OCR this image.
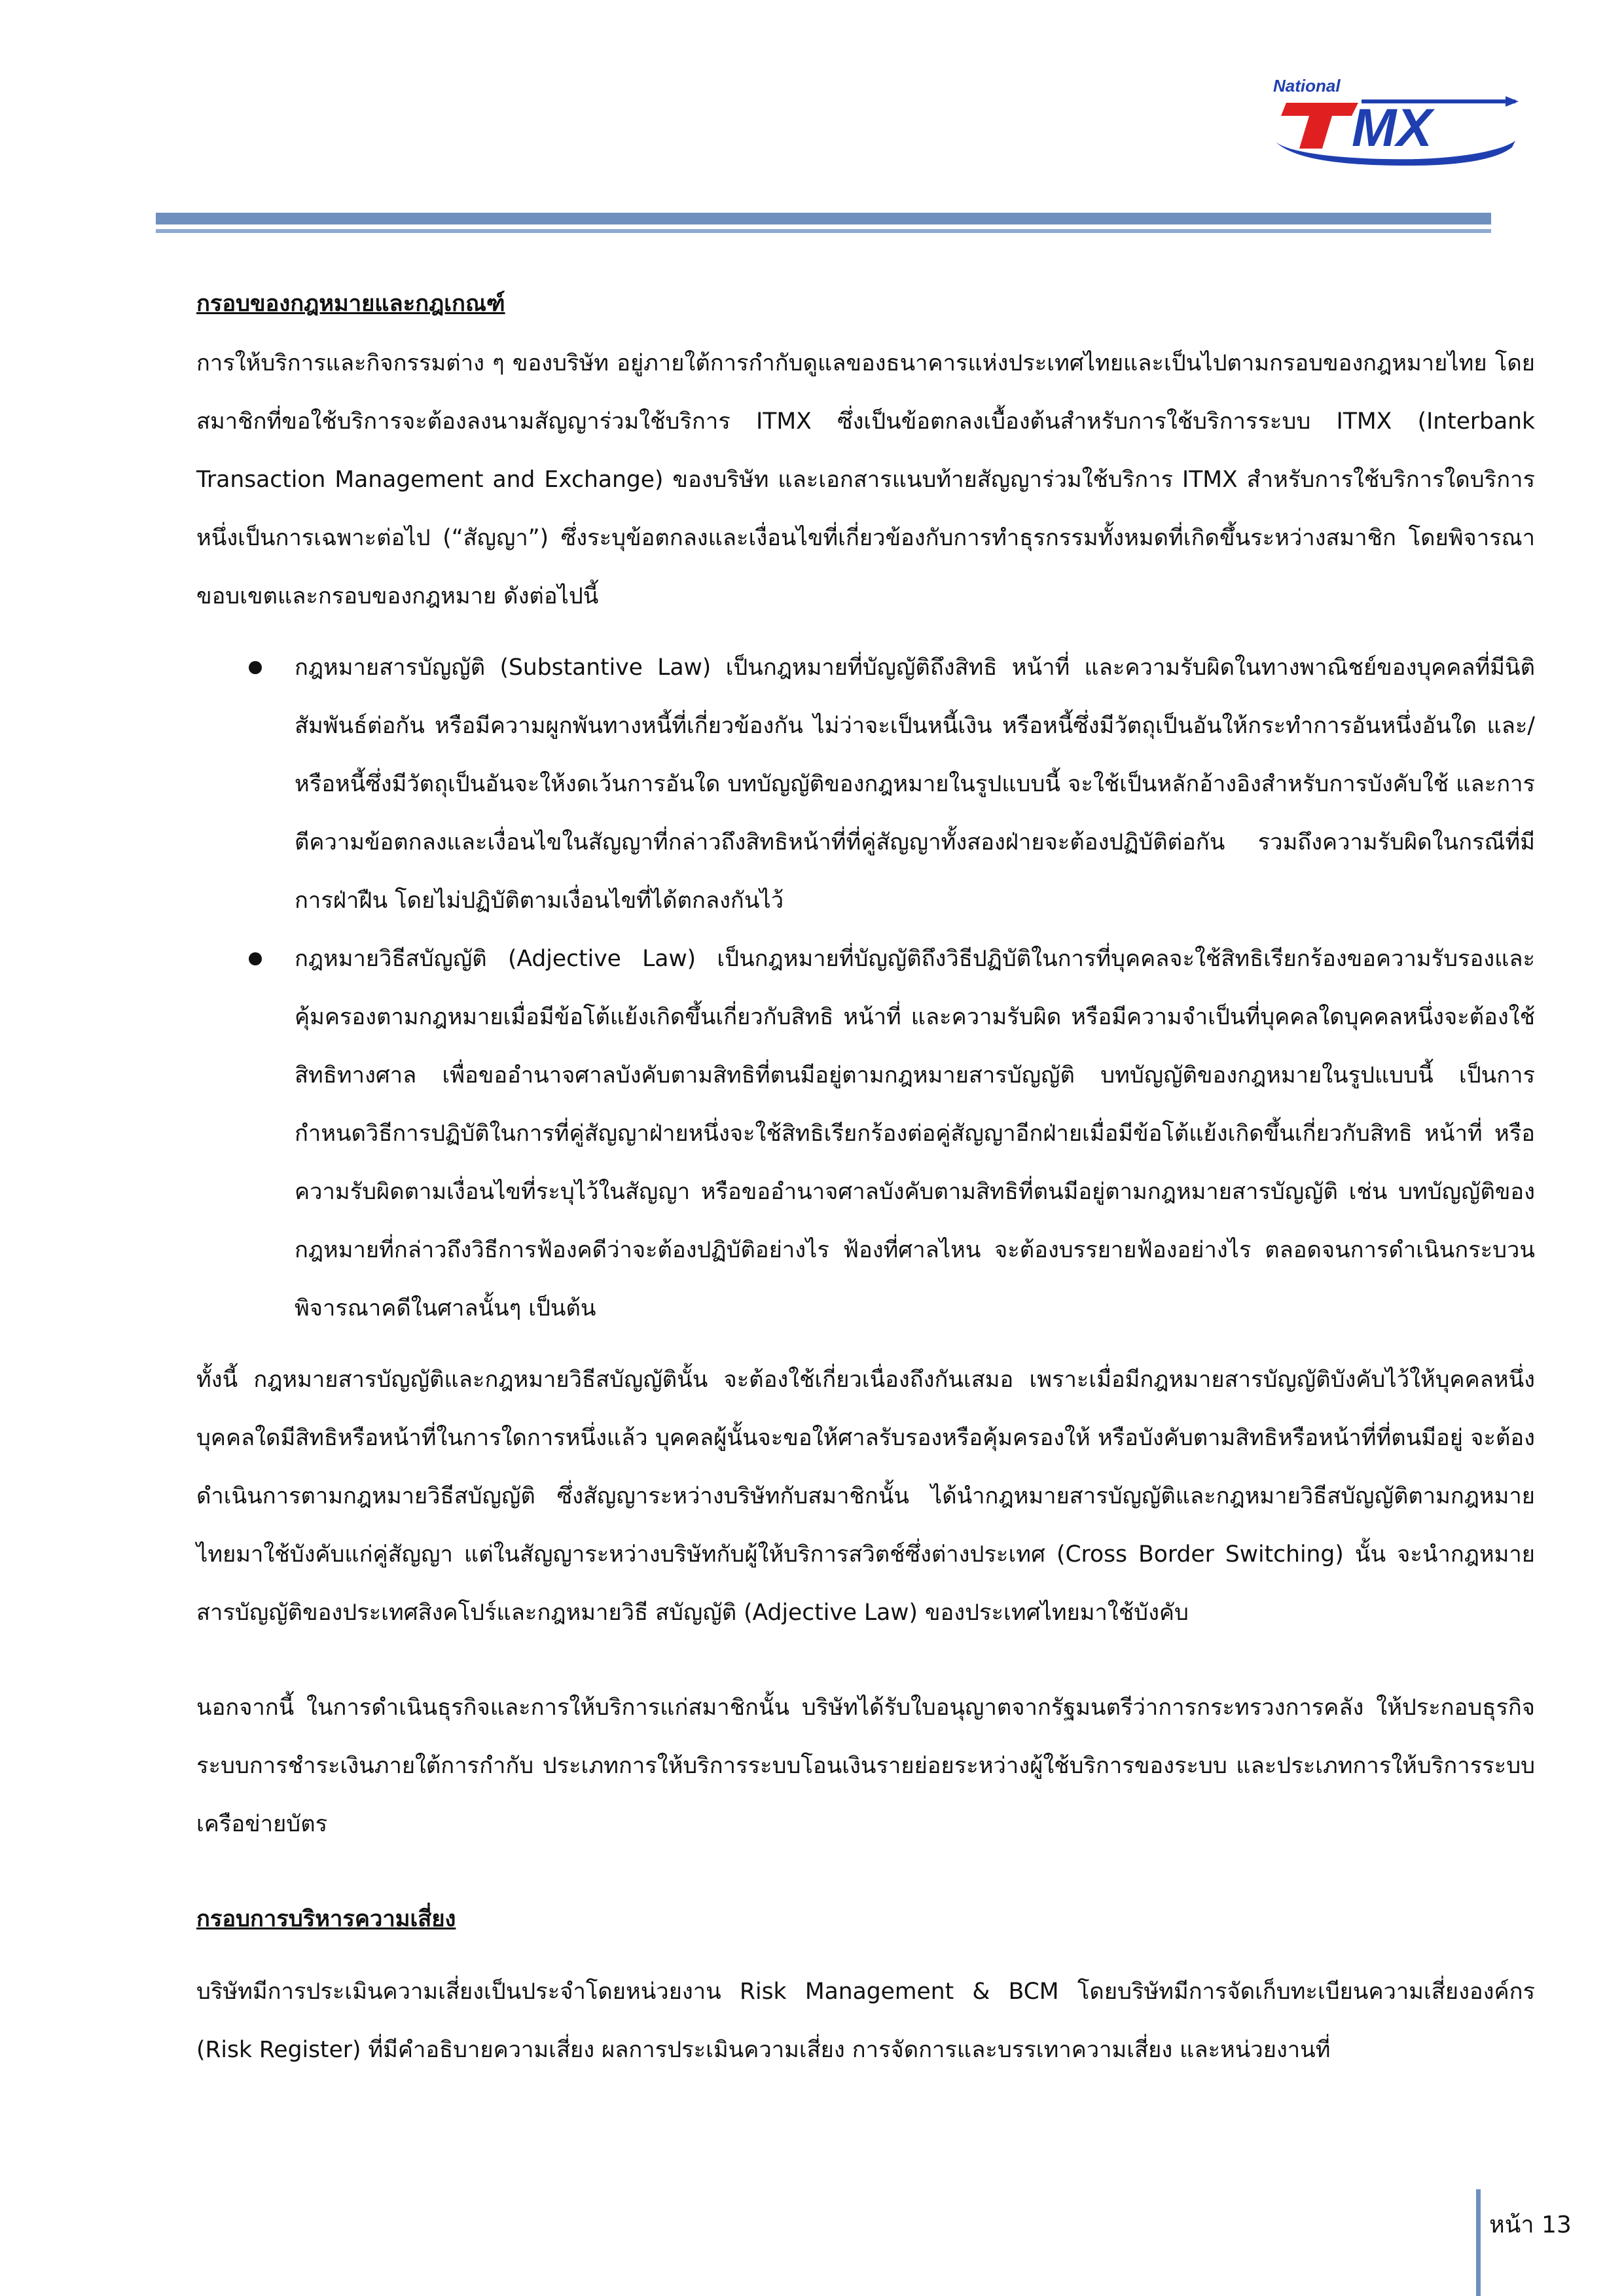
National
MX

กรอบของกฎหมายและกฎเกณฑ์

การให้บริการและกิจกรรมต่าง ๆ ของบริษัท อยู่ภายใต้การกำกับดูแลของธนาคารแห่งประเทศไทยและเป็นไปตามกรอบของกฎหมายไทย โดยสมาชิกที่ขอใช้บริการจะต้องลงนามสัญญาร่วมใช้บริการ ITMX ซึ่งเป็นข้อตกลงเบื้องต้นสำหรับการใช้บริการระบบ ITMX (Interbank Transaction Management and Exchange) ของบริษัท และเอกสารแนบท้ายสัญญาร่วมใช้บริการ ITMX สำหรับการใช้บริการใดบริการหนึ่งเป็นการเฉพาะต่อไป (“สัญญา”) ซึ่งระบุข้อตกลงและเงื่อนไขที่เกี่ยวข้องกับการทำธุรกรรมทั้งหมดที่เกิดขึ้นระหว่างสมาชิก โดยพิจารณาขอบเขตและกรอบของกฎหมาย ดังต่อไปนี้

กฎหมายสารบัญญัติ (Substantive Law) เป็นกฎหมายที่บัญญัติถึงสิทธิ หน้าที่ และความรับผิดในทางพาณิชย์ของบุคคลที่มีนิติสัมพันธ์ต่อกัน หรือมีความผูกพันทางหนี้ที่เกี่ยวข้องกัน ไม่ว่าจะเป็นหนี้เงิน หรือหนี้ซึ่งมีวัตถุเป็นอันให้กระทำการอันหนึ่งอันใด และ/หรือหนี้ซึ่งมีวัตถุเป็นอันจะให้งดเว้นการอันใด บทบัญญัติของกฎหมายในรูปแบบนี้ จะใช้เป็นหลักอ้างอิงสำหรับการบังคับใช้ และการตีความข้อตกลงและเงื่อนไขในสัญญาที่กล่าวถึงสิทธิหน้าที่ที่คู่สัญญาทั้งสองฝ่ายจะต้องปฏิบัติต่อกัน รวมถึงความรับผิดในกรณีที่มีการฝ่าฝืน โดยไม่ปฏิบัติตามเงื่อนไขที่ได้ตกลงกันไว้
กฎหมายวิธีสบัญญัติ (Adjective Law) เป็นกฎหมายที่บัญญัติถึงวิธีปฏิบัติในการที่บุคคลจะใช้สิทธิเรียกร้องขอความรับรองและคุ้มครองตามกฎหมายเมื่อมีข้อโต้แย้งเกิดขึ้นเกี่ยวกับสิทธิ หน้าที่ และความรับผิด หรือมีความจำเป็นที่บุคคลใดบุคคลหนึ่งจะต้องใช้สิทธิทางศาล เพื่อขออำนาจศาลบังคับตามสิทธิที่ตนมีอยู่ตามกฎหมายสารบัญญัติ บทบัญญัติของกฎหมายในรูปแบบนี้ เป็นการกำหนดวิธีการปฏิบัติในการที่คู่สัญญาฝ่ายหนึ่งจะใช้สิทธิเรียกร้องต่อคู่สัญญาอีกฝ่ายเมื่อมีข้อโต้แย้งเกิดขึ้นเกี่ยวกับสิทธิ หน้าที่ หรือความรับผิดตามเงื่อนไขที่ระบุไว้ในสัญญา หรือขออำนาจศาลบังคับตามสิทธิที่ตนมีอยู่ตามกฎหมายสารบัญญัติ เช่น บทบัญญัติของกฎหมายที่กล่าวถึงวิธีการฟ้องคดีว่าจะต้องปฏิบัติอย่างไร ฟ้องที่ศาลไหน จะต้องบรรยายฟ้องอย่างไร ตลอดจนการดำเนินกระบวนพิจารณาคดีในศาลนั้นๆ เป็นต้น

ทั้งนี้ กฎหมายสารบัญญัติและกฎหมายวิธีสบัญญัตินั้น จะต้องใช้เกี่ยวเนื่องถึงกันเสมอ เพราะเมื่อมีกฎหมายสารบัญญัติบังคับไว้ให้บุคคลหนึ่งบุคคลใดมีสิทธิหรือหน้าที่ในการใดการหนึ่งแล้ว บุคคลผู้นั้นจะขอให้ศาลรับรองหรือคุ้มครองให้ หรือบังคับตามสิทธิหรือหน้าที่ที่ตนมีอยู่ จะต้องดำเนินการตามกฎหมายวิธีสบัญญัติ ซึ่งสัญญาระหว่างบริษัทกับสมาชิกนั้น ได้นำกฎหมายสารบัญญัติและกฎหมายวิธีสบัญญัติตามกฎหมายไทยมาใช้บังคับแก่คู่สัญญา แต่ในสัญญาระหว่างบริษัทกับผู้ให้บริการสวิตช์ซึ่งต่างประเทศ (Cross Border Switching) นั้น จะนำกฎหมายสารบัญญัติของประเทศสิงคโปร์และกฎหมายวิธี สบัญญัติ (Adjective Law) ของประเทศไทยมาใช้บังคับ

นอกจากนี้ ในการดำเนินธุรกิจและการให้บริการแก่สมาชิกนั้น บริษัทได้รับใบอนุญาตจากรัฐมนตรีว่าการกระทรวงการคลัง ให้ประกอบธุรกิจระบบการชำระเงินภายใต้การกำกับ ประเภทการให้บริการระบบโอนเงินรายย่อยระหว่างผู้ใช้บริการของระบบ และประเภทการให้บริการระบบเครือข่ายบัตร

กรอบการบริหารความเสี่ยง

บริษัทมีการประเมินความเสี่ยงเป็นประจำโดยหน่วยงาน Risk Management & BCM โดยบริษัทมีการจัดเก็บทะเบียนความเสี่ยงองค์กร (Risk Register) ที่มีคำอธิบายความเสี่ยง ผลการประเมินความเสี่ยง การจัดการและบรรเทาความเสี่ยง และหน่วยงานที่

หน้า 13
